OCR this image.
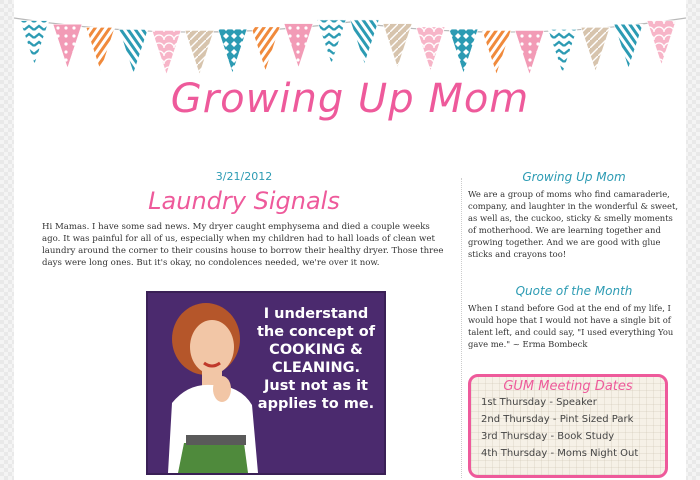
Growing Up Mom
3/21/2012
Laundry Signals
Hi Mamas. I have some sad news. My dryer caught emphysema and died a couple weeks ago. It was painful for all of us, especially when my children had to hall loads of clean wet laundry around the corner to their cousins house to borrow their healthy dryer. Those three days were long ones. But it's okay, no condolences needed, we're over it now.
I understand
the concept of
COOKING &
CLEANING.
Just not as it
applies to me.
Growing Up Mom
We are a group of moms who find camaraderie, company, and laughter in the wonderful & sweet, as well as, the cuckoo, sticky & smelly moments of motherhood. We are learning together and growing together. And we are good with glue sticks and crayons too!
Quote of the Month
When I stand before God at the end of my life, I would hope that I would not have a single bit of talent left, and could say, "I used everything You gave me." ~ Erma Bombeck
GUM Meeting Dates
1st Thursday - Speaker
2nd Thursday - Pint Sized Park
3rd Thursday - Book Study
4th Thursday - Moms Night Out
